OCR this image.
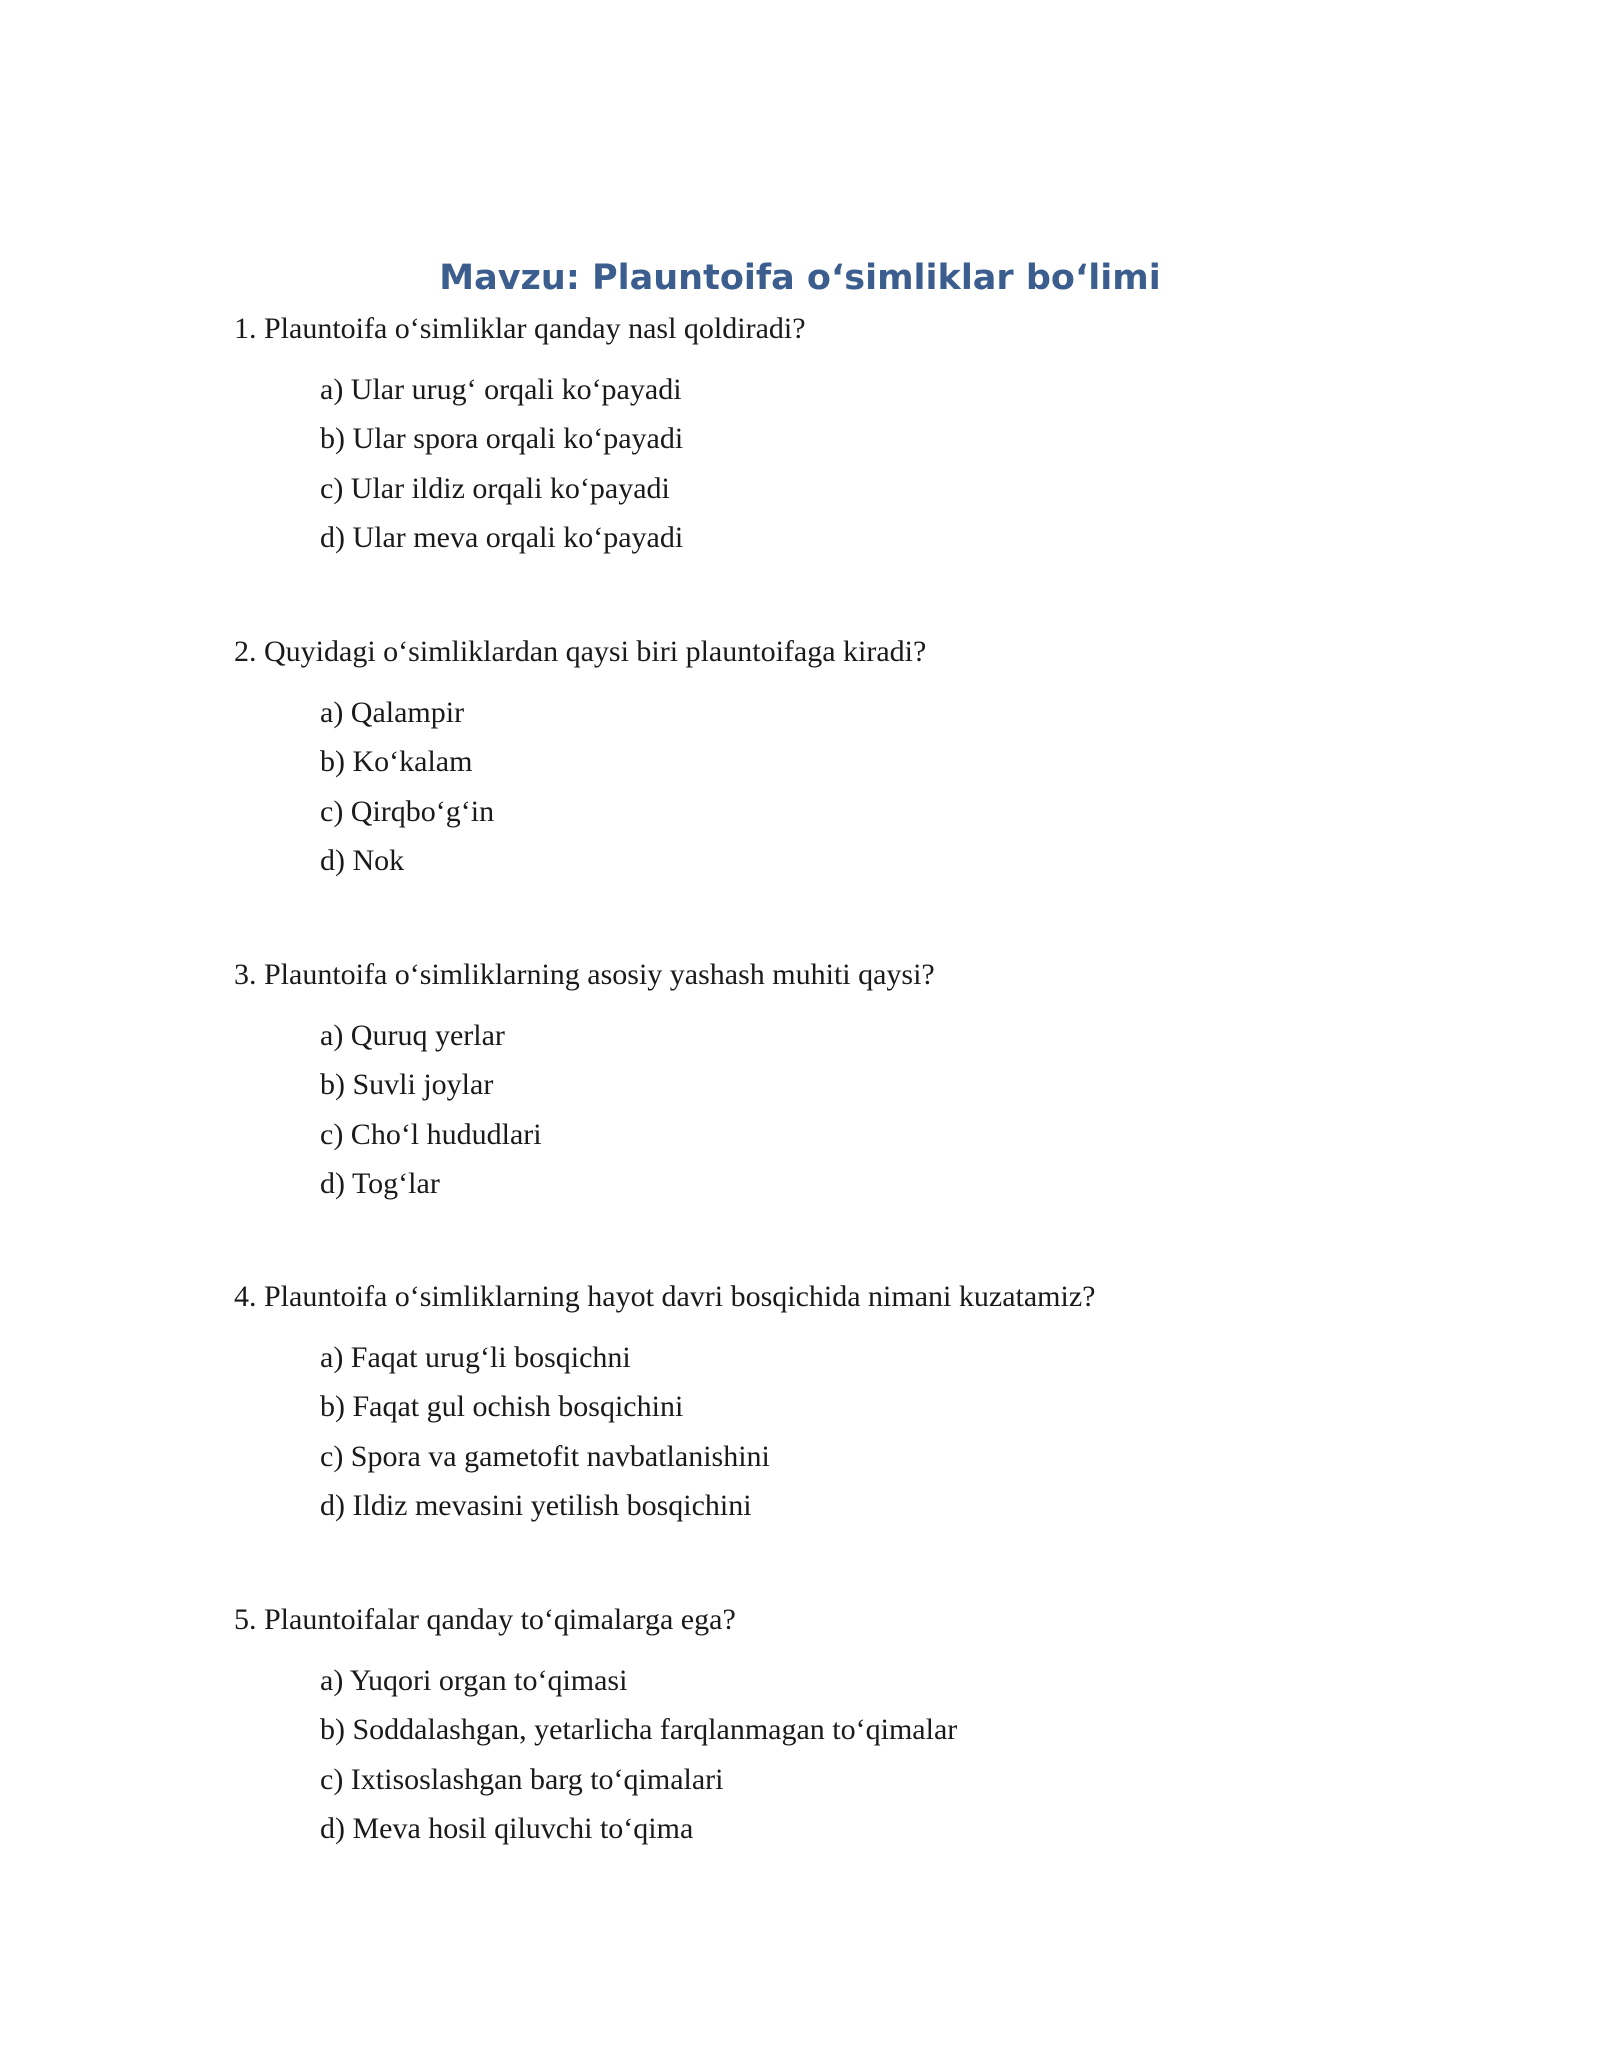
Mavzu: Plauntoifa oʻsimliklar boʻlimi
1. Plauntoifa oʻsimliklar qanday nasl qoldiradi?
a) Ular urugʻ orqali koʻpayadi
b) Ular spora orqali koʻpayadi
c) Ular ildiz orqali koʻpayadi
d) Ular meva orqali koʻpayadi
2. Quyidagi oʻsimliklardan qaysi biri plauntoifaga kiradi?
a) Qalampir
b) Koʻkalam
c) Qirqboʻgʻin
d) Nok
3. Plauntoifa oʻsimliklarning asosiy yashash muhiti qaysi?
a) Quruq yerlar
b) Suvli joylar
c) Choʻl hududlari
d) Togʻlar
4. Plauntoifa oʻsimliklarning hayot davri bosqichida nimani kuzatamiz?
a) Faqat urugʻli bosqichni
b) Faqat gul ochish bosqichini
c) Spora va gametofit navbatlanishini
d) Ildiz mevasini yetilish bosqichini
5. Plauntoifalar qanday toʻqimalarga ega?
a) Yuqori organ toʻqimasi
b) Soddalashgan, yetarlicha farqlanmagan toʻqimalar
c) Ixtisoslashgan barg toʻqimalari
d) Meva hosil qiluvchi toʻqima
